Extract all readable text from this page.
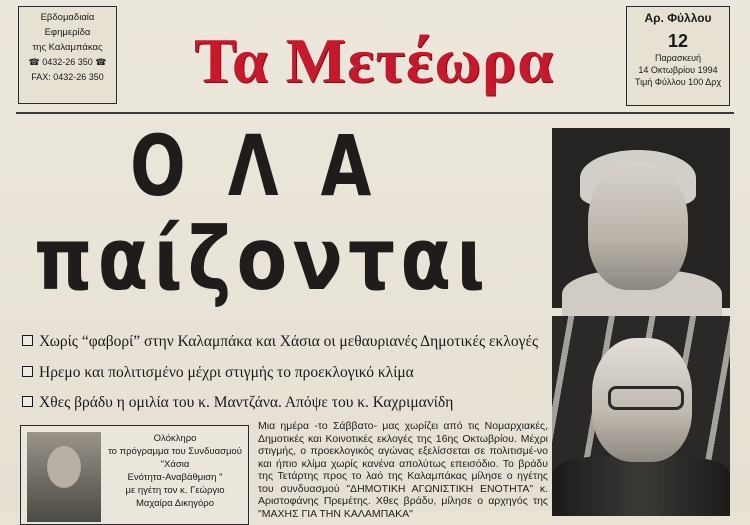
Εβδομαδιαία
Εφημερίδα
της Καλαμπάκας
☎ 0432-26 350 ☎
FAX: 0432-26 350	Τα Μετέωρα
Αρ. Φύλλου
12
Παρασκευή
14 Οκτωβρίου 1994
Τιμή Φύλλου 100 Δρχ
ΟΛΑ
παίζονται
Χωρίς “φαβορί” στην Καλαμπάκα και Χάσια οι μεθαυριανές Δημοτικές εκλογές
Ηρεμο και πολιτισμένο μέχρι στιγμής το προεκλογικό κλίμα
Χθες βράδυ η ομιλία του κ. Μαντζάνα. Απόψε του κ. Καχριμανίδη
Ολόκληρο
το πρόγραμμα του Συνδυασμού
"Χάσια
Ενότητα-Αναβάθμιση "
με ηγέτη τον κ. Γεώργιο
Μαχαίρα Δικηγόρο
Μια ημέρα -το Σάββατο- μας χωρίζει από τις Νομαρχιακές, Δημοτικές και Κοινοτικές εκλογές της 16ης Οκτωβρίου. Μέχρι στιγμής, ο προεκλογικός αγώνας εξελίσσεται σε πολιτισμέ-νο και ήπιο κλίμα χωρίς κανένα απολύτως επεισόδιο. Το βράδυ της Τετάρτης προς το λαό της Καλαμπάκας μίλησε ο ηγέτης του συνδυασμού "ΔΗΜΟΤΙΚΗ ΑΓΩΝΙΣΤΙΚΗ ΕΝΟΤΗΤΑ" κ. Αριστοφάνης Πρεμέτης. Χθες βράδυ, μίλησε ο αρχηγός της "ΜΑΧΗΣ ΓΙΑ ΤΗΝ ΚΑΛΑΜΠΑΚΑ"
